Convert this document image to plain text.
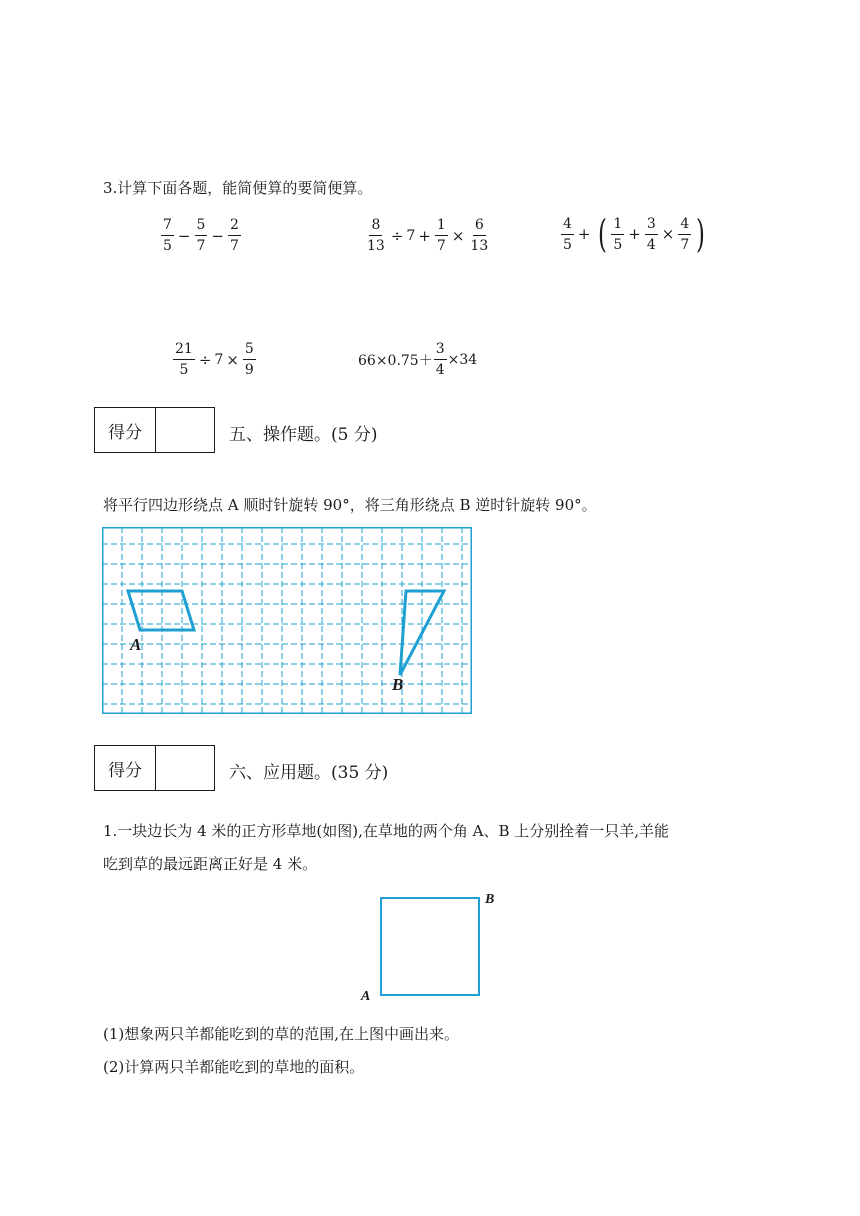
3.计算下面各题，能简便算的要简便算。
$\frac{7}{5} - \frac{5}{7} - \frac{2}{7}$	$\frac{8}{13} \div 7 + \frac{1}{7} \times \frac{6}{13}$	$\frac{4}{5}$ + ( $\frac{1}{5} + \frac{3}{4} \times \frac{4}{7}$ )
$\frac{21}{5} \div 7 \times \frac{5}{9}$	$66\times 0.75+ \frac{3}{4} \times 34$
得分	五、操作题。(5 分)
将平行四边形绕点 A 顺时针旋转 90°，将三角形绕点 B 逆时针旋转 90°。
A
B
得分	六、应用题。(35 分)
1.一块边长为 4 米的正方形草地(如图),在草地的两个角 A、B 上分别拴着一只羊,羊能
吃到草的最远距离正好是 4 米。
A
B
(1)想象两只羊都能吃到的草的范围,在上图中画出来。
(2)计算两只羊都能吃到的草地的面积。
